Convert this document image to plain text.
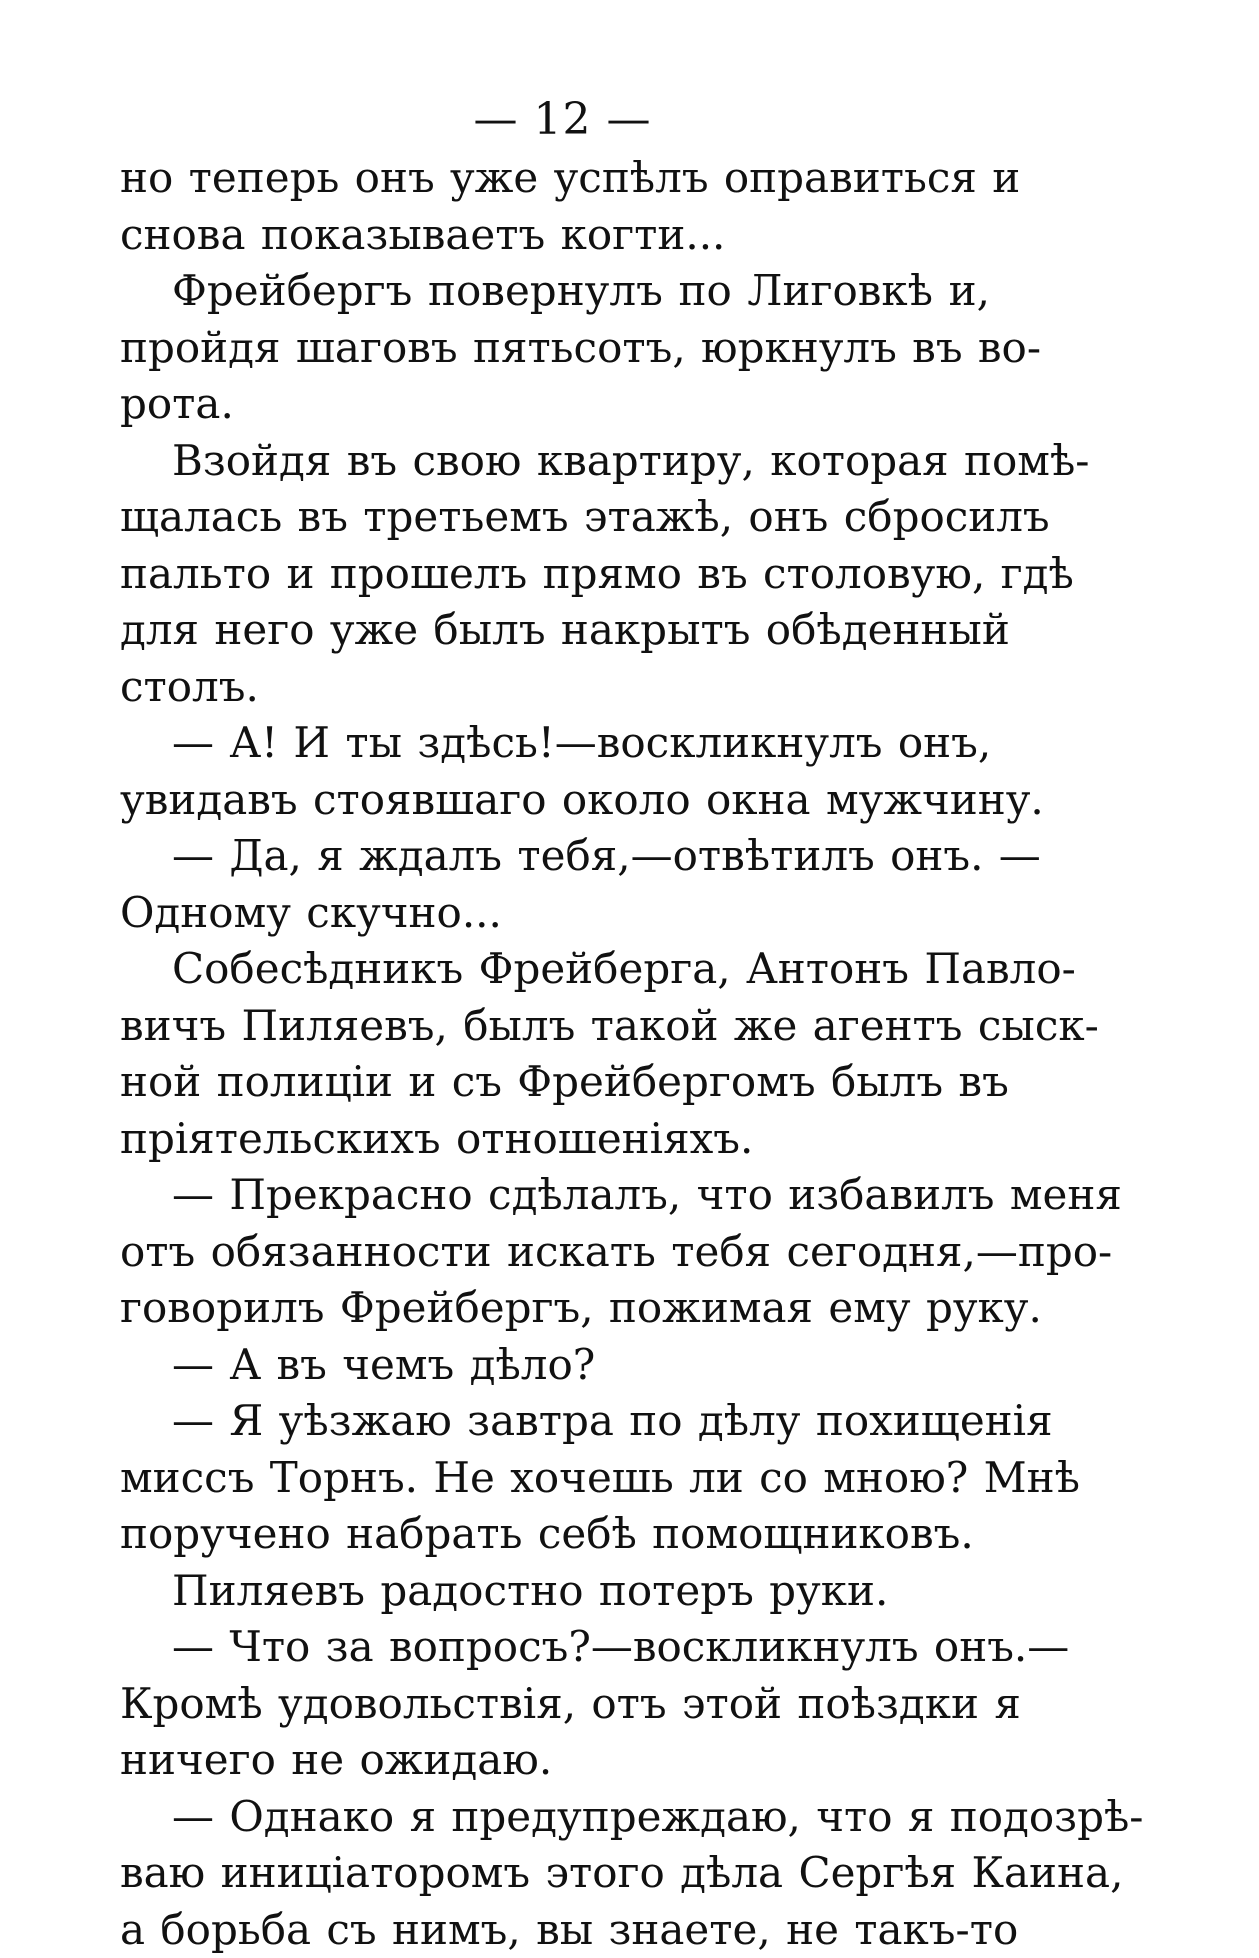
— 12 —
но теперь онъ уже успѣлъ оправиться и
снова показываетъ когти...
Фрейбергъ повернулъ по Лиговкѣ и,
пройдя шаговъ пятьсотъ, юркнулъ въ во-
рота.
Взойдя въ свою квартиру, которая помѣ-
щалась въ третьемъ этажѣ, онъ сбросилъ
пальто и прошелъ прямо въ столовую, гдѣ
для него уже былъ накрытъ обѣденный
столъ.
— А! И ты здѣсь!—воскликнулъ онъ,
увидавъ стоявшаго около окна мужчину.
— Да, я ждалъ тебя,—отвѣтилъ онъ. —
Одному скучно...
Собесѣдникъ Фрейберга, Антонъ Павло-
вичъ Пиляевъ, былъ такой же агентъ сыск-
ной полиціи и съ Фрейбергомъ былъ въ
пріятельскихъ отношеніяхъ.
— Прекрасно сдѣлалъ, что избавилъ меня
отъ обязанности искать тебя сегодня,—про-
говорилъ Фрейбергъ, пожимая ему руку.
— А въ чемъ дѣло?
— Я уѣзжаю завтра по дѣлу похищенія
миссъ Торнъ. Не хочешь ли со мною? Мнѣ
поручено набрать себѣ помощниковъ.
Пиляевъ радостно потеръ руки.
— Что за вопросъ?—воскликнулъ онъ.—
Кромѣ удовольствія, отъ этой поѣздки я
ничего не ожидаю.
— Однако я предупреждаю, что я подозрѣ-
ваю иниціаторомъ этого дѣла Сергѣя Каина,
а борьба съ нимъ, вы знаете, не такъ-то
